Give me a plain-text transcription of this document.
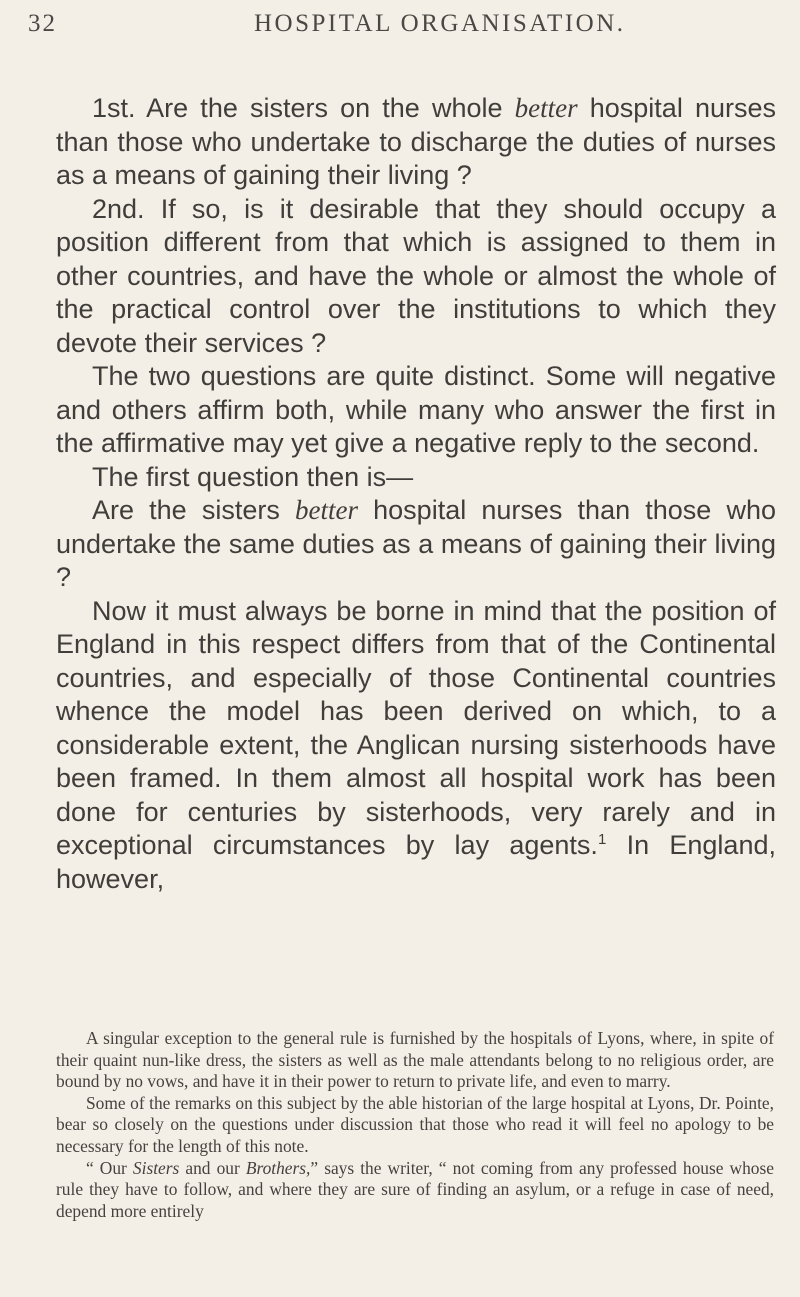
32	HOSPITAL ORGANISATION.

1st. Are the sisters on the whole better hospital nurses than those who undertake to discharge the duties of nurses as a means of gaining their living ?

2nd. If so, is it desirable that they should occupy a position different from that which is assigned to them in other countries, and have the whole or almost the whole of the practical control over the institutions to which they devote their services ?

The two questions are quite distinct. Some will negative and others affirm both, while many who answer the first in the affirmative may yet give a negative reply to the second.

The first question then is—

Are the sisters better hospital nurses than those who undertake the same duties as a means of gaining their living ?

Now it must always be borne in mind that the position of England in this respect differs from that of the Continental countries, and especially of those Continental countries whence the model has been derived on which, to a considerable extent, the Anglican nursing sisterhoods have been framed. In them almost all hospital work has been done for centuries by sisterhoods, very rarely and in exceptional circumstances by lay agents.$^1$ In England, however,

A singular exception to the general rule is furnished by the hospitals of Lyons, where, in spite of their quaint nun-like dress, the sisters as well as the male attendants belong to no religious order, are bound by no vows, and have it in their power to return to private life, and even to marry.

Some of the remarks on this subject by the able historian of the large hospital at Lyons, Dr. Pointe, bear so closely on the questions under discussion that those who read it will feel no apology to be necessary for the length of this note.

“ Our Sisters and our Brothers,” says the writer, “ not coming from any professed house whose rule they have to follow, and where they are sure of finding an asylum, or a refuge in case of need, depend more entirely
